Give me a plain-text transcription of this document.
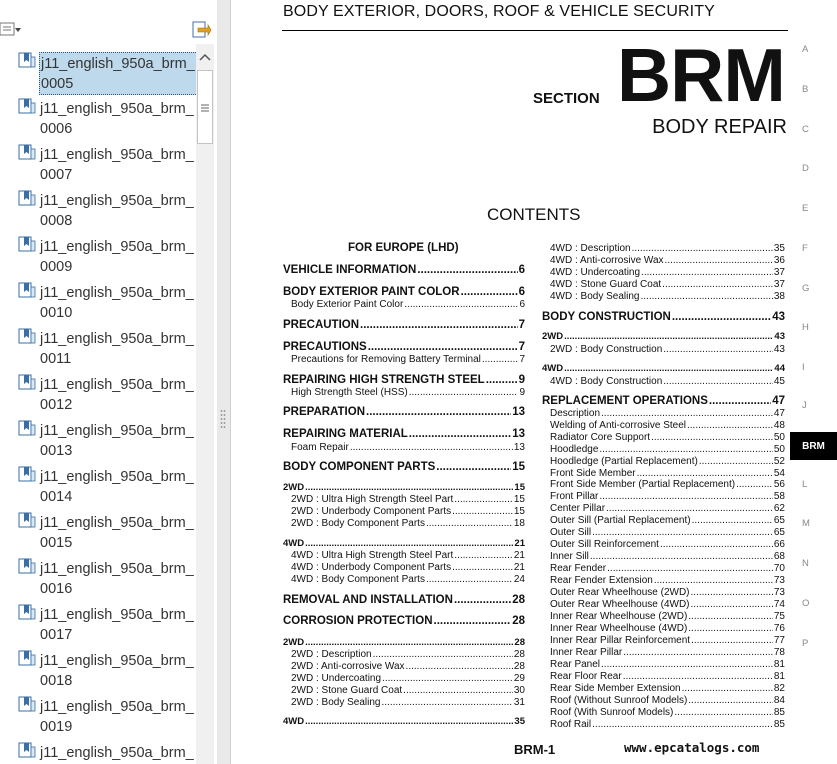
j11_english_950a_brm_
0005
j11_english_950a_brm_
0006
j11_english_950a_brm_
0007
j11_english_950a_brm_
0008
j11_english_950a_brm_
0009
j11_english_950a_brm_
0010
j11_english_950a_brm_
0011
j11_english_950a_brm_
0012
j11_english_950a_brm_
0013
j11_english_950a_brm_
0014
j11_english_950a_brm_
0015
j11_english_950a_brm_
0016
j11_english_950a_brm_
0017
j11_english_950a_brm_
0018
j11_english_950a_brm_
0019
j11_english_950a_brm_
BODY EXTERIOR, DOORS, ROOF & VEHICLE SECURITY
SECTION BRM
BODY REPAIR
CONTENTS
FOR EUROPE (LHD)
VEHICLE INFORMATION .....	6
BODY EXTERIOR PAINT COLOR .....	6
Body Exterior Paint Color .....	6
PRECAUTION .....	7
PRECAUTIONS .....	7
Precautions for Removing Battery Terminal .....	7
REPAIRING HIGH STRENGTH STEEL .....	9
High Strength Steel (HSS) .....	9
PREPARATION .....	13
REPAIRING MATERIAL .....	13
Foam Repair .....	13
BODY COMPONENT PARTS .....	15
2WD .....	15
2WD : Ultra High Strength Steel Part .....	15
2WD : Underbody Component Parts .....	15
2WD : Body Component Parts .....	18
4WD .....	21
4WD : Ultra High Strength Steel Part .....	21
4WD : Underbody Component Parts .....	21
4WD : Body Component Parts .....	24
REMOVAL AND INSTALLATION .....	28
CORROSION PROTECTION .....	28
2WD .....	28
2WD : Description .....	28
2WD : Anti-corrosive Wax .....	28
2WD : Undercoating .....	29
2WD : Stone Guard Coat .....	30
2WD : Body Sealing .....	31
4WD .....	35
4WD : Description .....	35
4WD : Anti-corrosive Wax .....	36
4WD : Undercoating .....	37
4WD : Stone Guard Coat .....	37
4WD : Body Sealing .....	38
BODY CONSTRUCTION .....	43
2WD .....	43
2WD : Body Construction .....	43
4WD .....	44
4WD : Body Construction .....	45
REPLACEMENT OPERATIONS .....	47
Description .....	47
Welding of Anti-corrosive Steel .....	48
Radiator Core Support .....	50
Hoodledge .....	50
Hoodledge (Partial Replacement) .....	52
Front Side Member .....	54
Front Side Member (Partial Replacement) .....	56
Front Pillar .....	58
Center Pillar .....	62
Outer Sill (Partial Replacement) .....	65
Outer Sill .....	65
Outer Sill Reinforcement .....	66
Inner Sill .....	68
Rear Fender .....	70
Rear Fender Extension .....	73
Outer Rear Wheelhouse (2WD) .....	73
Outer Rear Wheelhouse (4WD) .....	74
Inner Rear Wheelhouse (2WD) .....	75
Inner Rear Wheelhouse (4WD) .....	76
Inner Rear Pillar Reinforcement .....	77
Inner Rear Pillar .....	78
Rear Panel .....	81
Rear Floor Rear .....	81
Rear Side Member Extension .....	82
Roof (Without Sunroof Models) .....	84
Roof (With Sunroof Models) .....	85
Roof Rail .....	85
A
B
C
D
E
F
G
H
I
J
BRM
L
M
N
O
P
BRM-1	www.epcatalogs.com
